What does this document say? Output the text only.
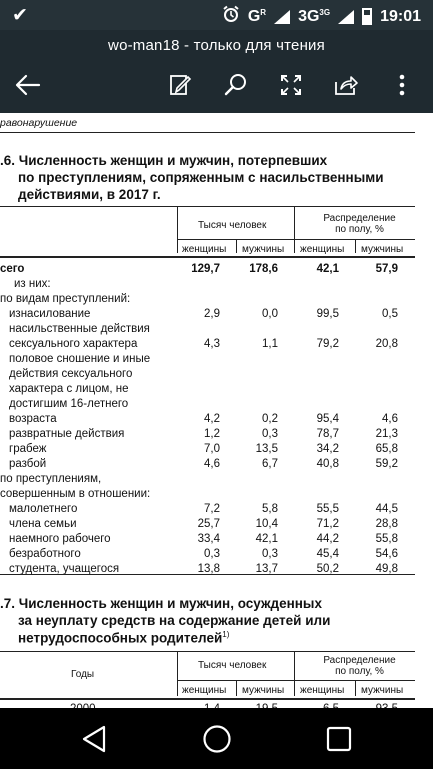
✔	$G^R$ $3G^{3G}$	19:01
wo-man18 - только для чтения
равонарушение
.6. Численность женщин и мужчин, потерпевших
по преступлениям, сопряженным с насильственными
действиями, в 2017 г.
Тысяч человек
Распределение
по полу, %
женщины мужчины женщины мужчины
сего	129,7	178,6	42,1	57,9
из них:
по видам преступлений:
изнасилование	2,9	0,0	99,5	0,5
насильственные действия
сексуального характера	4,3	1,1	79,2	20,8
половое сношение и иные
действия сексуального
характера с лицом, не
достигшим 16-летнего
возраста	4,2	0,2	95,4	4,6
развратные действия	1,2	0,3	78,7	21,3
грабеж	7,0	13,5	34,2	65,8
разбой	4,6	6,7	40,8	59,2
по преступлениям,
совершенным в отношении:
малолетнего	7,2	5,8	55,5	44,5
члена семьи	25,7	10,4	71,2	28,8
наемного рабочего	33,4	42,1	44,2	55,8
безработного	0,3	0,3	45,4	54,6
студента, учащегося	13,8	13,7	50,2	49,8
.7. Численность женщин и мужчин, осужденных
за неуплату средств на содержание детей или
нетрудоспособных родителей$^{1)}$
Годы
Тысяч человек	Распределение
по полу, %
женщины мужчины женщины мужчины
